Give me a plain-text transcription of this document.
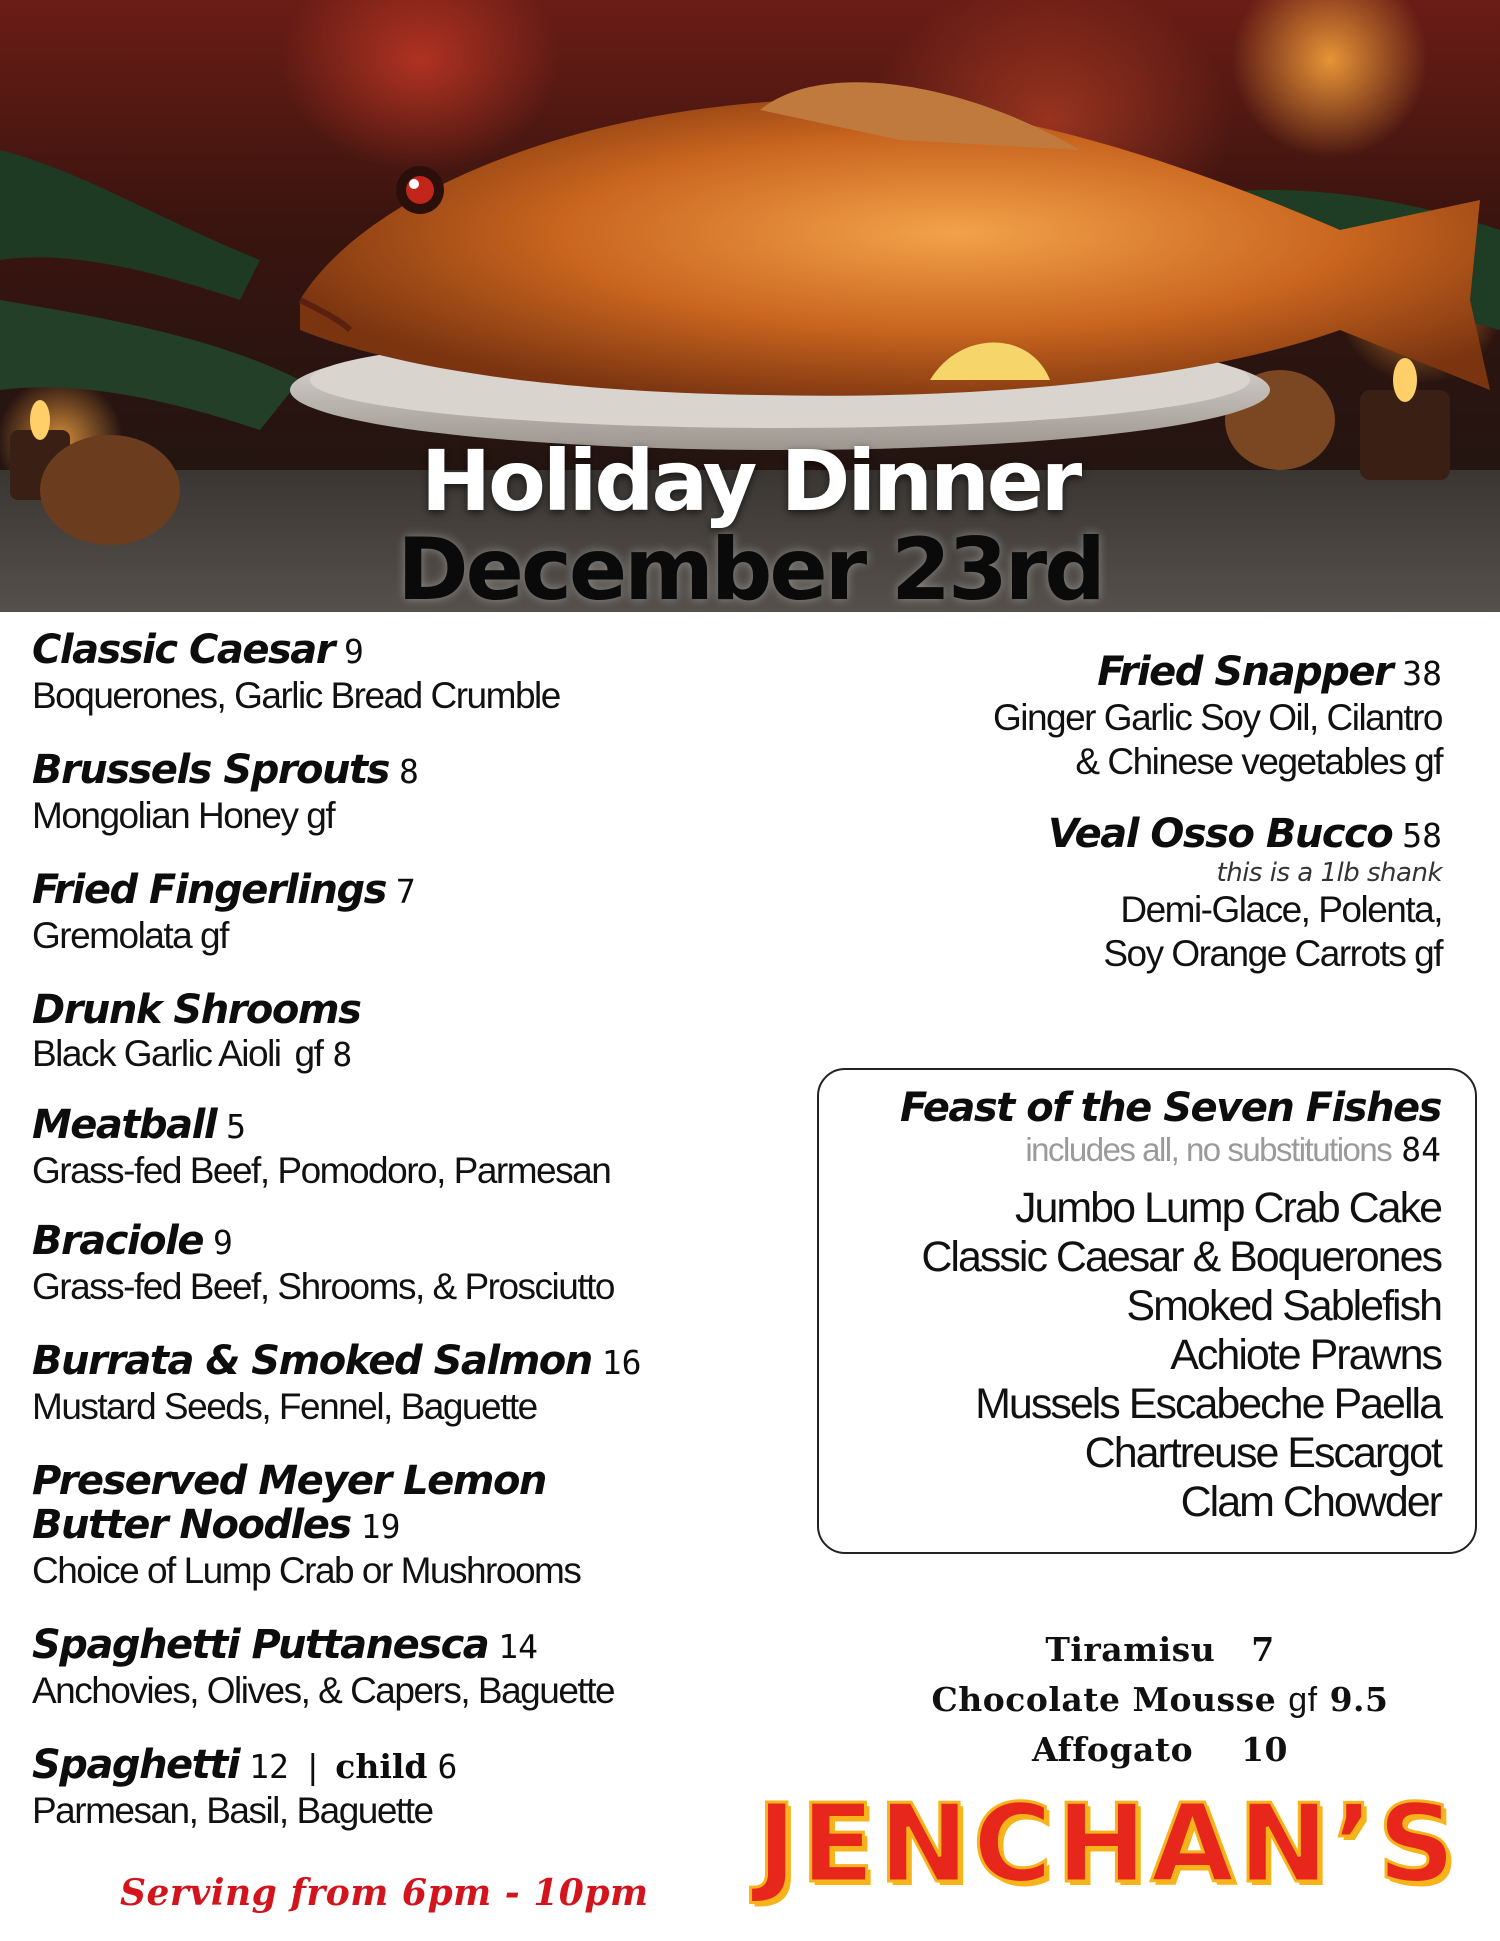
Holiday Dinner
December 23rd
Classic Caesar 9
Boquerones, Garlic Bread Crumble
Brussels Sprouts 8
Mongolian Honey gf
Fried Fingerlings 7
Gremolata gf
Drunk Shrooms
Black Garlic Aioli gf 8
Meatball 5
Grass-fed Beef, Pomodoro, Parmesan
Braciole 9
Grass-fed Beef, Shrooms, & Prosciutto
Burrata & Smoked Salmon 16
Mustard Seeds, Fennel, Baguette
Preserved Meyer Lemon
Butter Noodles 19
Choice of Lump Crab or Mushrooms
Spaghetti Puttanesca 14
Anchovies, Olives, & Capers, Baguette
Spaghetti 12 | child 6
Parmesan, Basil, Baguette
Fried Snapper 38
Ginger Garlic Soy Oil, Cilantro
& Chinese vegetables gf
Veal Osso Bucco 58
this is a 1lb shank
Demi-Glace, Polenta,
Soy Orange Carrots gf
Feast of the Seven Fishes
includes all, no substitutions 84
Jumbo Lump Crab Cake
Classic Caesar & Boquerones
Smoked Sablefish
Achiote Prawns
Mussels Escabeche Paella
Chartreuse Escargot
Clam Chowder
Tiramisu 7
Chocolate Mousse gf 9.5
Affogato 10
Serving from 6pm - 10pm JENCHAN’S
